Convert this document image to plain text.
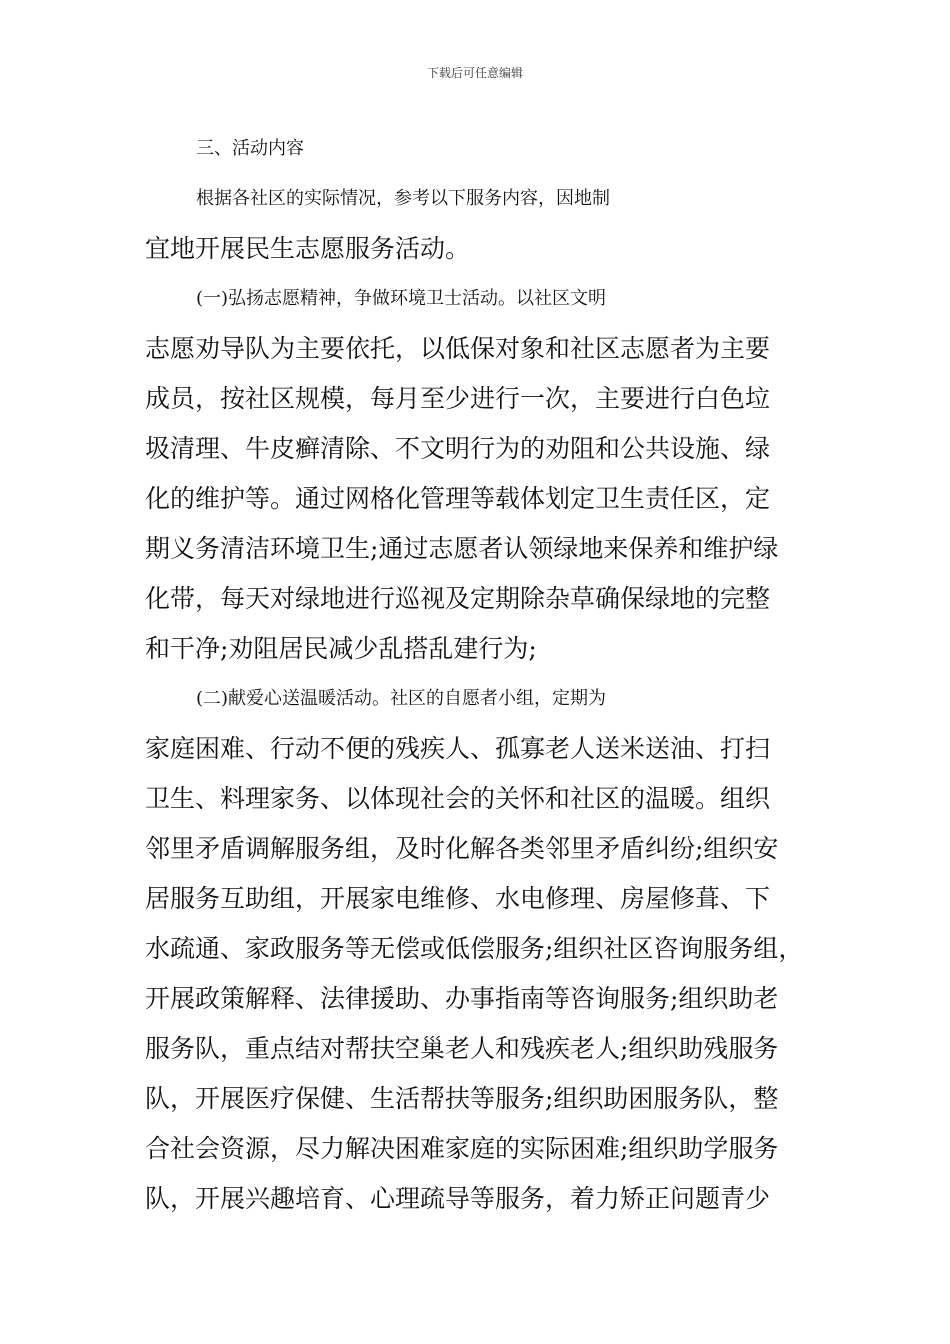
下载后可任意编辑
三、活动内容
根据各社区的实际情况，参考以下服务内容，因地制
宜地开展民生志愿服务活动。
(一)弘扬志愿精神，争做环境卫士活动。以社区文明
志愿劝导队为主要依托，以低保对象和社区志愿者为主要
成员，按社区规模，每月至少进行一次，主要进行白色垃
圾清理、牛皮癣清除、不文明行为的劝阻和公共设施、绿
化的维护等。通过网格化管理等载体划定卫生责任区，定
期义务清洁环境卫生;通过志愿者认领绿地来保养和维护绿
化带，每天对绿地进行巡视及定期除杂草确保绿地的完整
和干净;劝阻居民减少乱搭乱建行为;
(二)献爱心送温暖活动。社区的自愿者小组，定期为
家庭困难、行动不便的残疾人、孤寡老人送米送油、打扫
卫生、料理家务、以体现社会的关怀和社区的温暖。组织
邻里矛盾调解服务组，及时化解各类邻里矛盾纠纷;组织安
居服务互助组，开展家电维修、水电修理、房屋修葺、下
水疏通、家政服务等无偿或低偿服务;组织社区咨询服务组，
开展政策解释、法律援助、办事指南等咨询服务;组织助老
服务队，重点结对帮扶空巢老人和残疾老人;组织助残服务
队，开展医疗保健、生活帮扶等服务;组织助困服务队，整
合社会资源，尽力解决困难家庭的实际困难;组织助学服务
队，开展兴趣培育、心理疏导等服务，着力矫正问题青少
